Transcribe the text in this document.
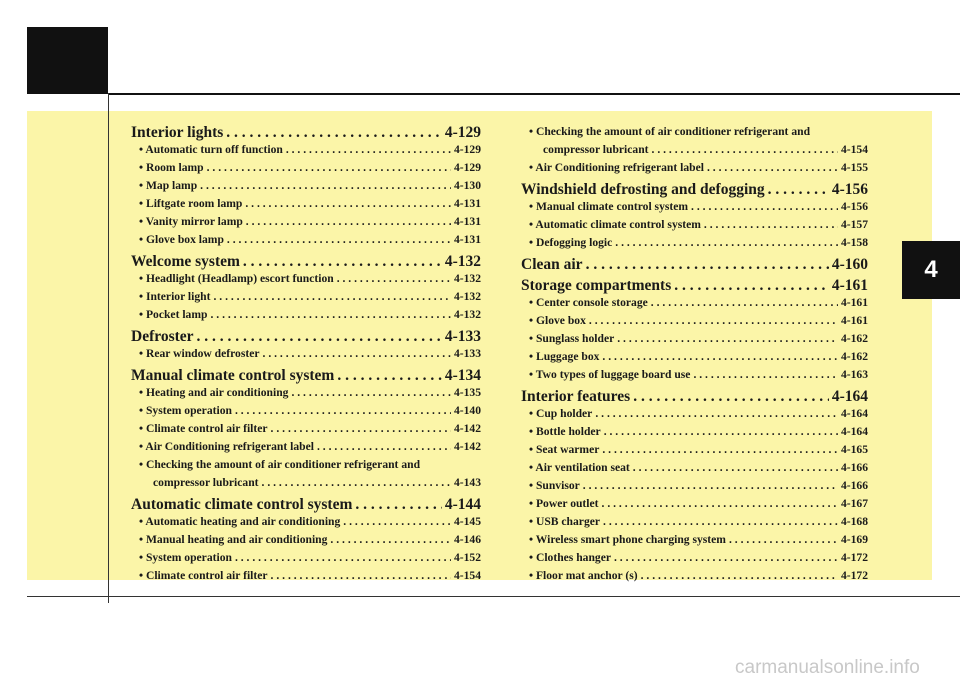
4
Interior lights . . .	4-129
• Automatic turn off function . . .	4-129
• Room lamp . . .	4-129
• Map lamp . . .	4-130
• Liftgate room lamp . . .	4-131
• Vanity mirror lamp . . .	4-131
• Glove box lamp . . .	4-131
Welcome system . . .	4-132
• Headlight (Headlamp) escort function . . .	4-132
• Interior light . . .	4-132
• Pocket lamp . . .	4-132
Defroster . . .	4-133
• Rear window defroster . . .	4-133
Manual climate control system . . .	4-134
• Heating and air conditioning . . .	4-135
• System operation . . .	4-140
• Climate control air filter . . .	4-142
• Air Conditioning refrigerant label . . .	4-142
• Checking the amount of air conditioner refrigerant and
compressor lubricant . . .	4-143
Automatic climate control system . . .	4-144
• Automatic heating and air conditioning . . .	4-145
• Manual heating and air conditioning . . .	4-146
• System operation . . .	4-152
• Climate control air filter . . .	4-154
• Checking the amount of air conditioner refrigerant and
compressor lubricant . . .	4-154
• Air Conditioning refrigerant label . . .	4-155
Windshield defrosting and defogging . . .	4-156
• Manual climate control system . . .	4-156
• Automatic climate control system . . .	4-157
• Defogging logic . . .	4-158
Clean air . . .	4-160
Storage compartments . . .	4-161
• Center console storage . . .	4-161
• Glove box . . .	4-161
• Sunglass holder . . .	4-162
• Luggage box . . .	4-162
• Two types of luggage board use . . .	4-163
Interior features . . .	4-164
• Cup holder . . .	4-164
• Bottle holder . . .	4-164
• Seat warmer . . .	4-165
• Air ventilation seat . . .	4-166
• Sunvisor . . .	4-166
• Power outlet . . .	4-167
• USB charger . . .	4-168
• Wireless smart phone charging system . . .	4-169
• Clothes hanger . . .	4-172
• Floor mat anchor (s) . . .	4-172
carmanualsonline.info
